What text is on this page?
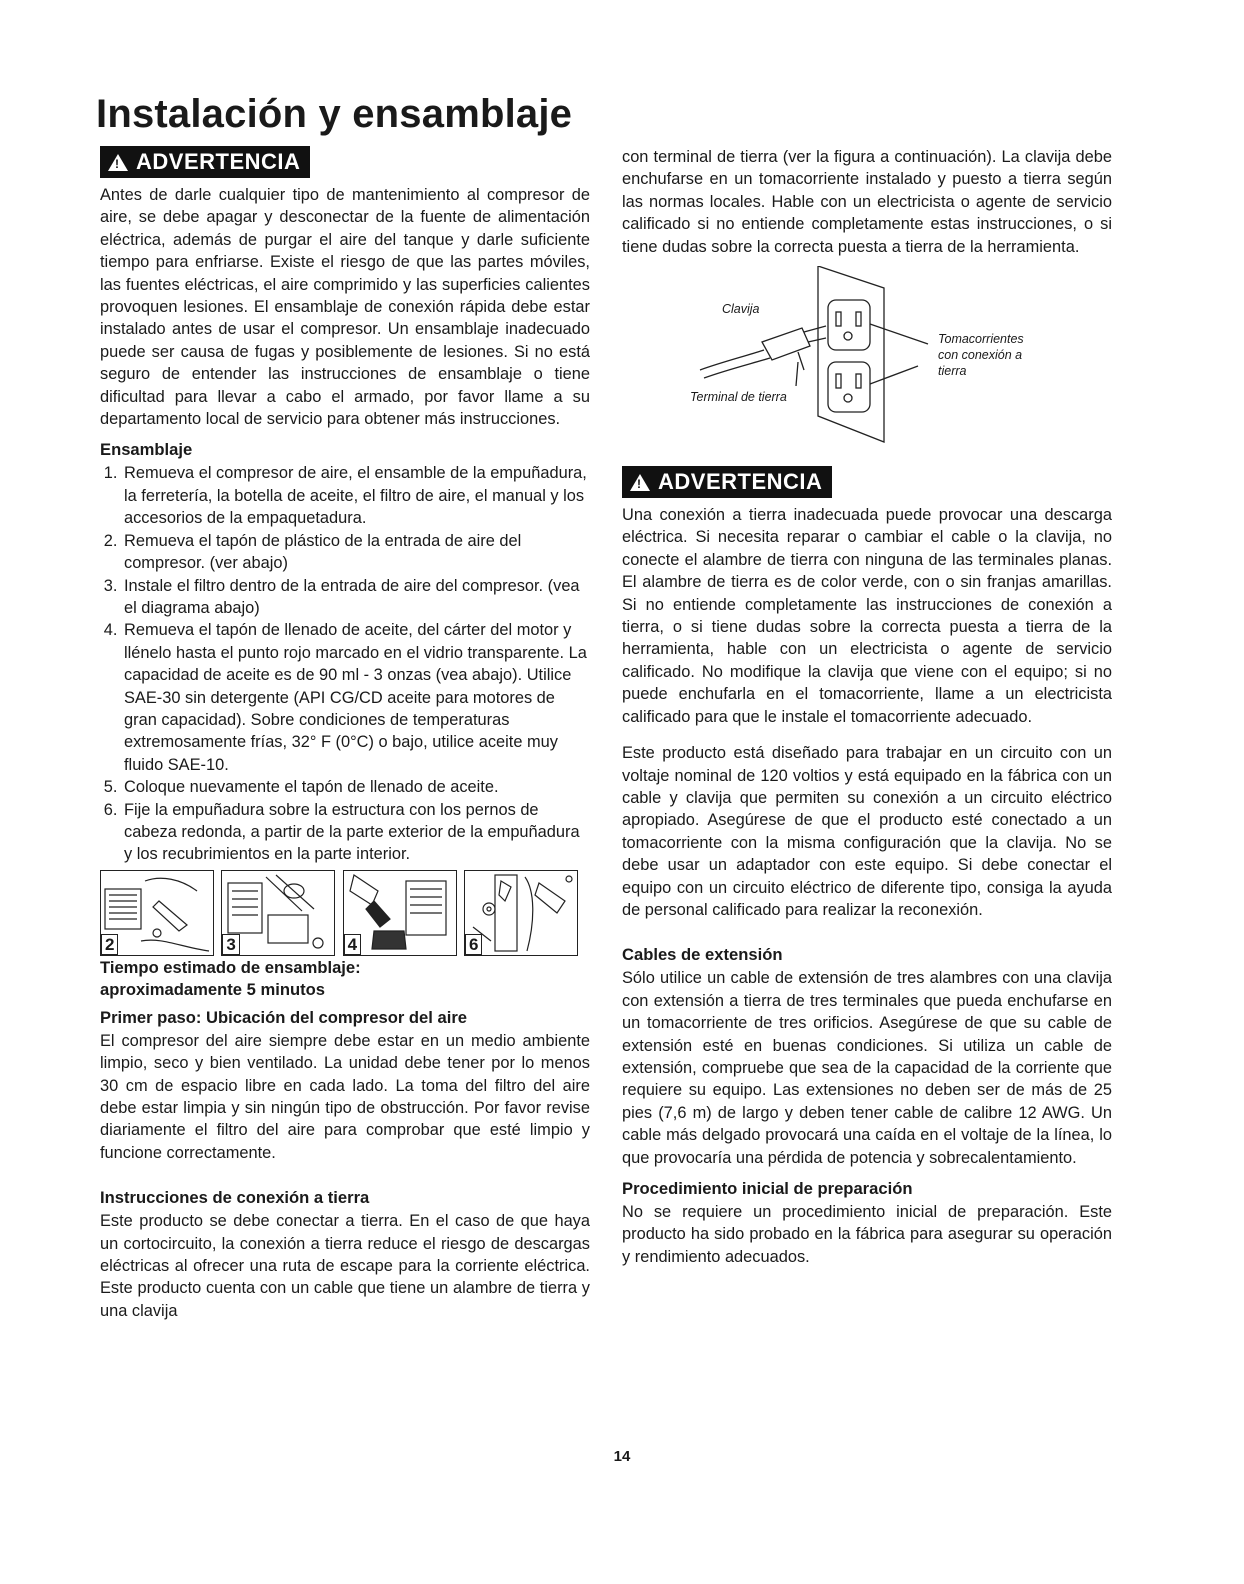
Instalación y ensamblaje
!
ADVERTENCIA

Antes de darle cualquier tipo de mantenimiento al compresor de aire, se debe apagar y desconectar de la fuente de alimentación eléctrica, además de purgar el aire del tanque y darle suficiente tiempo para enfriarse. Existe el riesgo de que las partes móviles, las fuentes eléctricas, el aire comprimido y las superficies calientes provoquen lesiones. El ensamblaje de conexión rápida debe estar instalado antes de usar el compresor. Un ensamblaje inadecuado puede ser causa de fugas y posiblemente de lesiones. Si no está seguro de entender las instrucciones de ensamblaje o tiene dificultad para llevar a cabo el armado, por favor llame a su departamento local de servicio para obtener más instrucciones.

Ensamblaje
1. Remueva el compresor de aire, el ensamble de la empuñadura, la ferretería, la botella de aceite, el filtro de aire, el manual y los accesorios de la empaquetadura.
2. Remueva el tapón de plástico de la entrada de aire del compresor. (ver abajo)
3. Instale el filtro dentro de la entrada de aire del compresor. (vea el diagrama abajo)
4. Remueva el tapón de llenado de aceite, del cárter del motor y llénelo hasta el punto rojo marcado en el vidrio transparente. La capacidad de aceite es de 90 ml - 3 onzas (vea abajo). Utilice SAE-30 sin detergente (API CG/CD aceite para motores de gran capacidad). Sobre condiciones de temperaturas extremosamente frías, 32° F (0°C) o bajo, utilice aceite muy fluido SAE-10.
5. Coloque nuevamente el tapón de llenado de aceite.
6. Fije la empuñadura sobre la estructura con los pernos de cabeza redonda, a partir de la parte exterior de la empuñadura y los recubrimientos en la parte interior.
2	3	4	6
Tiempo estimado de ensamblaje:
aproximadamente 5 minutos
Primer paso: Ubicación del compresor del aire

El compresor del aire siempre debe estar en un medio ambiente limpio, seco y bien ventilado. La unidad debe tener por lo menos 30 cm de espacio libre en cada lado. La toma del filtro del aire debe estar limpia y sin ningún tipo de obstrucción. Por favor revise diariamente el filtro del aire para comprobar que esté limpio y funcione correctamente.

Instrucciones de conexión a tierra

Este producto se debe conectar a tierra. En el caso de que haya un cortocircuito, la conexión a tierra reduce el riesgo de descargas eléctricas al ofrecer una ruta de escape para la corriente eléctrica. Este producto cuenta con un cable que tiene un alambre de tierra y una clavija

con terminal de tierra (ver la figura a continuación). La clavija debe enchufarse en un tomacorriente instalado y puesto a tierra según las normas locales. Hable con un electricista o agente de servicio calificado si no entiende completamente estas instrucciones, o si tiene dudas sobre la correcta puesta a tierra de la herramienta.

Clavija
Terminal de tierra
Tomacorrientes
con conexión a
tierra
!
ADVERTENCIA

Una conexión a tierra inadecuada puede provocar una descarga eléctrica. Si necesita reparar o cambiar el cable o la clavija, no conecte el alambre de tierra con ninguna de las terminales planas. El alambre de tierra es de color verde, con o sin franjas amarillas. Si no entiende completamente las instrucciones de conexión a tierra, o si tiene dudas sobre la correcta puesta a tierra de la herramienta, hable con un electricista o agente de servicio calificado. No modifique la clavija que viene con el equipo; si no puede enchufarla en el tomacorriente, llame a un electricista calificado para que le instale el tomacorriente adecuado.

Este producto está diseñado para trabajar en un circuito con un voltaje nominal de 120 voltios y está equipado en la fábrica con un cable y clavija que permiten su conexión a un circuito eléctrico apropiado. Asegúrese de que el producto esté conectado a un tomacorriente con la misma configuración que la clavija. No se debe usar un adaptador con este equipo. Si debe conectar el equipo con un circuito eléctrico de diferente tipo, consiga la ayuda de personal calificado para realizar la reconexión.

Cables de extensión

Sólo utilice un cable de extensión de tres alambres con una clavija con extensión a tierra de tres terminales que pueda enchufarse en un tomacorriente de tres orificios. Asegúrese de que su cable de extensión esté en buenas condiciones. Si utiliza un cable de extensión, compruebe que sea de la capacidad de la corriente que requiere su equipo. Las extensiones no deben ser de más de 25 pies (7,6 m) de largo y deben tener cable de calibre 12 AWG. Un cable más delgado provocará una caída en el voltaje de la línea, lo que provocaría una pérdida de potencia y sobrecalentamiento.

Procedimiento inicial de preparación

No se requiere un procedimiento inicial de preparación. Este producto ha sido probado en la fábrica para asegurar su operación y rendimiento adecuados.

14
